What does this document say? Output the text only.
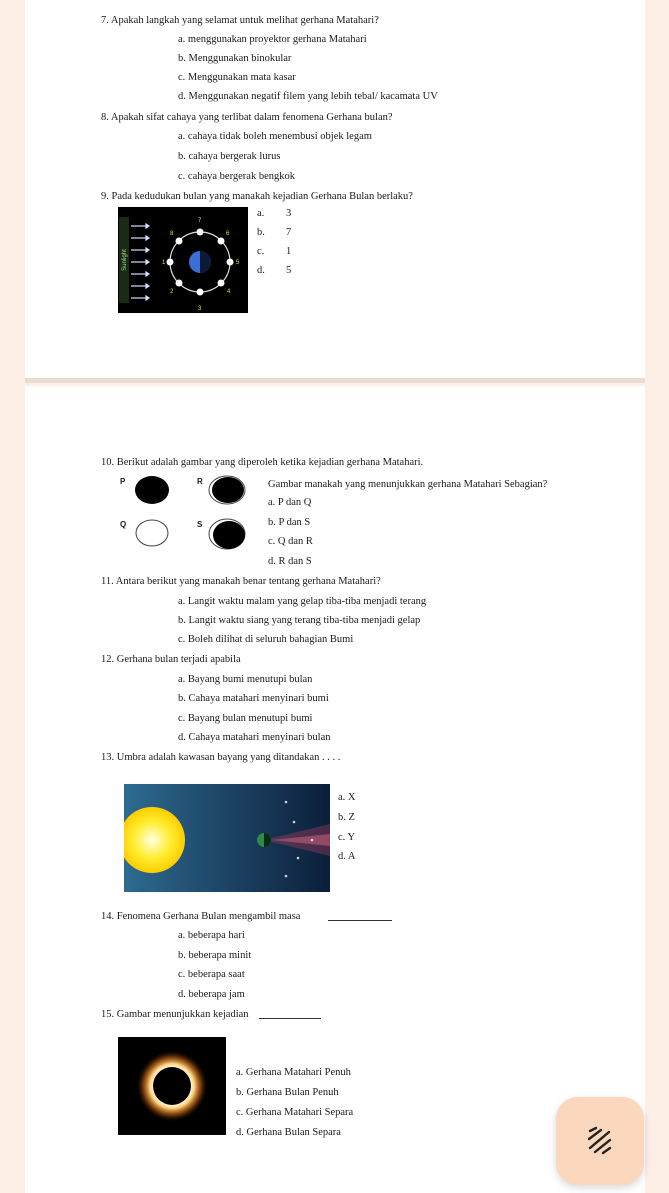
7. Apakah langkah yang selamat untuk melihat gerhana Matahari?
a. menggunakan proyektor gerhana Matahari
b. Menggunakan binokular
c. Menggunakan mata kasar
d. Menggunakan negatif filem yang lebih tebal/ kacamata UV
8. Apakah sifat cahaya yang terlibat dalam fenomena Gerhana bulan?
a. cahaya tidak boleh menembusi objek legam
b. cahaya bergerak lurus
c. cahaya bergerak bengkok
9. Pada kedudukan bulan yang manakah kejadian Gerhana Bulan berlaku?
Sunlight	1
2
3
4
5
6
7
8
a. 3
b. 7
c. 1
d. 5
10. Berikut adalah gambar yang diperoleh ketika kejadian gerhana Matahari.
P	R
Q	S
Gambar manakah yang menunjukkan gerhana Matahari Sebagian?
a. P dan Q
b. P dan S
c. Q dan R
d. R dan S
11. Antara berikut yang manakah benar tentang gerhana Matahari?
a. Langit waktu malam yang gelap tiba-tiba menjadi terang
b. Langit waktu siang yang terang tiba-tiba menjadi gelap
c. Boleh dilihat di seluruh bahagian Bumi
12. Gerhana bulan terjadi apabila
a. Bayang bumi menutupi bulan
b. Cahaya matahari menyinari bumi
c. Bayang bulan menutupi bumi
d. Cahaya matahari menyinari bulan
13. Umbra adalah kawasan bayang yang ditandakan . . . .
a. X
b. Z
c. Y
d. A
14. Fenomena Gerhana Bulan mengambil masa
a. beberapa hari
b. beberapa minit
c. beberapa saat
d. beberapa jam
15. Gambar menunjukkan kejadian
a. Gerhana Matahari Penuh
b. Gerhana Bulan Penuh
c. Gerhana Matahari Separa
d. Gerhana Bulan Separa
